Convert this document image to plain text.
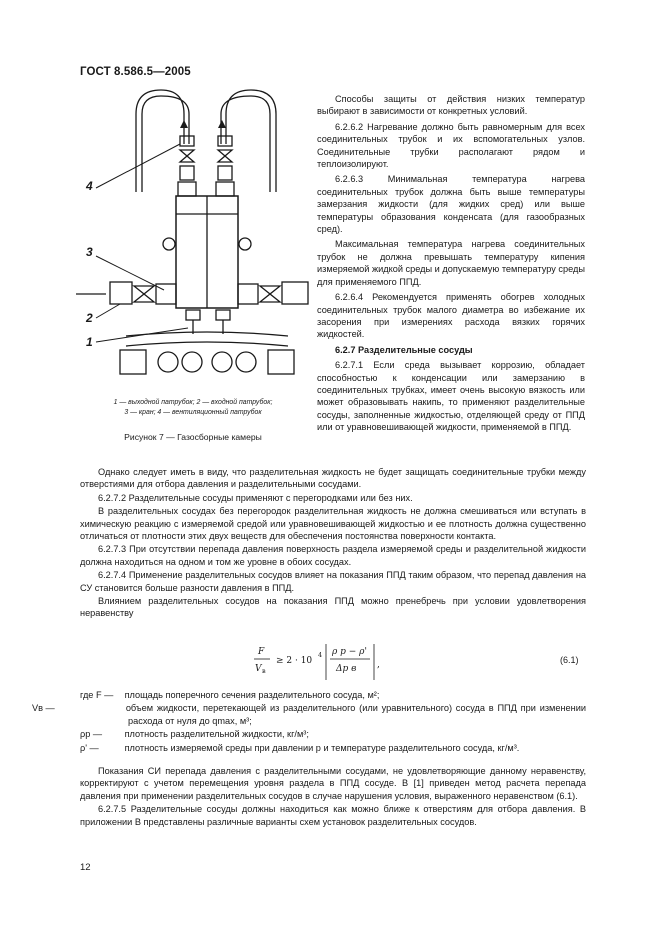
ГОСТ 8.586.5—2005
4
3
2
1
1 — выходной патрубок; 2 — входной патрубок;
3 — кран; 4 — вентиляционный патрубок
Рисунок 7 — Газосборные камеры

Способы защиты от действия низких температур выбирают в зависимости от конкретных условий.

6.2.6.2 Нагревание должно быть равномерным для всех соединительных трубок и их вспомогательных узлов. Соединительные трубки располагают рядом и теплоизолируют.

6.2.6.3 Минимальная температура нагрева соединительных трубок должна быть выше температуры замерзания жидкости (для жидких сред) или выше температуры образования конденсата (для газообразных сред).

Максимальная температура нагрева соединительных трубок не должна превышать температуру кипения измеряемой жидкой среды и допускаемую температуру среды для применяемого ППД.

6.2.6.4 Рекомендуется применять обогрев холодных соединительных трубок малого диаметра во избежание их засорения при измерениях расхода вязких горячих жидкостей.

6.2.7 Разделительные сосуды

6.2.7.1 Если среда вызывает коррозию, обладает способностью к конденсации или замерзанию в соединительных трубках, имеет очень высокую вязкость или может образовывать накипь, то применяют разделительные сосуды, заполненные жидкостью, отделяющей среду от ППД или от уравновешивающей жидкости, применяемой в ППД.

Однако следует иметь в виду, что разделительная жидкость не будет защищать соединительные трубки между отверстиями для отбора давления и разделительными сосудами.

6.2.7.2 Разделительные сосуды применяют с перегородками или без них.

В разделительных сосудах без перегородок разделительная жидкость не должна смешиваться или вступать в химическую реакцию с измеряемой средой или уравновешивающей жидкостью и ее плотность должна существенно отличаться от плотности этих двух веществ для обеспечения постоянства поверхности контакта.

6.2.7.3 При отсутствии перепада давления поверхность раздела измеряемой среды и разделительной жидкости должна находиться на одном и том же уровне в обоих сосудах.

6.2.7.4 Применение разделительных сосудов влияет на показания ППД таким образом, что перепад давления на СУ становится больше разности давления в ППД.

Влиянием разделительных сосудов на показания ППД можно пренебречь при условии удовлетворения неравенству

F
V в
≥ 2 · 10
4 ρ р − ρ'
Δp в ,	(6.1)

где F — площадь поперечного сечения разделительного сосуда, м²;

Vв —	объем жидкости, перетекающей из разделительного (или уравнительного) сосуда в ППД при изменении расхода от нуля до qmax, м³;

ρр — плотность разделительной жидкости, кг/м³;

ρ' —	плотность измеряемой среды при давлении p и температуре разделительного сосуда, кг/м³.

Показания СИ перепада давления с разделительными сосудами, не удовлетворяющие данному неравенству, корректируют с учетом перемещения уровня раздела в ППД сосуде. В [1] приведен метод расчета перепада давления при применении разделительных сосудов в случае нарушения условия, выраженного неравенством (6.1).

6.2.7.5 Разделительные сосуды должны находиться как можно ближе к отверстиям для отбора давления. В приложении В представлены различные варианты схем установок разделительных сосудов.

12
